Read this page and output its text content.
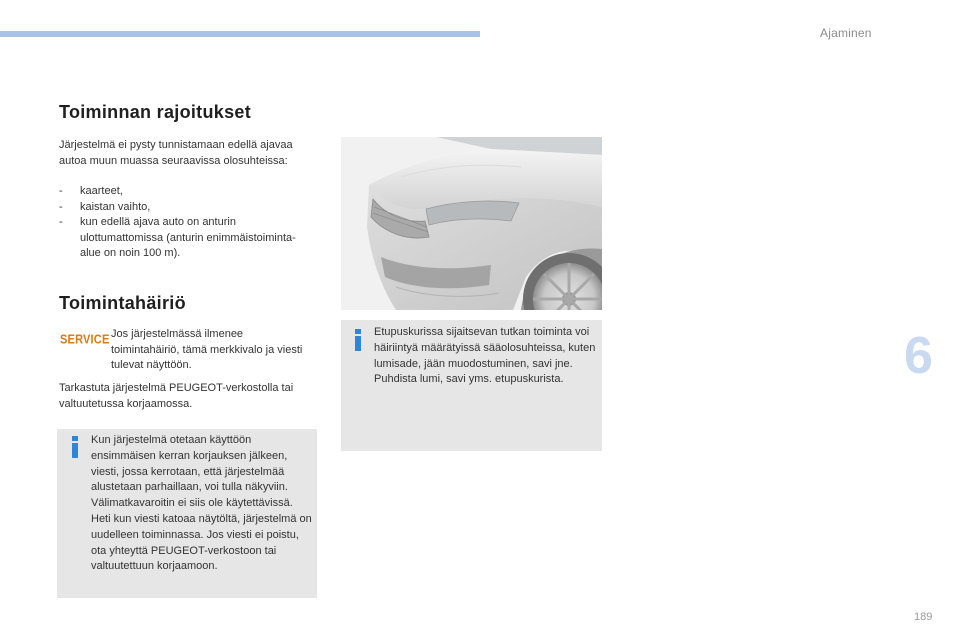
Ajaminen
6
189
Toiminnan rajoitukset

Järjestelmä ei pysty tunnistamaan edellä ajavaa autoa muun muassa seuraavissa olosuhteissa:

- kaarteet,
- kaistan vaihto,
- kun edellä ajava auto on anturin ulottumattomissa (anturin enimmäistoiminta-alue on noin 100 m).
Toimintahäiriö
SERVICE Jos järjestelmässä ilmenee toimintahäiriö, tämä merkkivalo ja viesti tulevat näyttöön.

Tarkastuta järjestelmä PEUGEOT-verkostolla tai valtuutetussa korjaamossa.

Kun järjestelmä otetaan käyttöön ensimmäisen kerran korjauksen jälkeen, viesti, jossa kerrotaan, että järjestelmää alustetaan parhaillaan, voi tulla näkyviin. Välimatkavaroitin ei siis ole käytettävissä. Heti kun viesti katoaa näytöltä, järjestelmä on uudelleen toiminnassa. Jos viesti ei poistu, ota yhteyttä PEUGEOT-verkostoon tai valtuutettuun korjaamoon.

Etupuskurissa sijaitsevan tutkan toiminta voi häiriintyä määrätyissä sääolosuhteissa, kuten lumisade, jään muodostuminen, savi jne.

Puhdista lumi, savi yms. etupuskurista.
